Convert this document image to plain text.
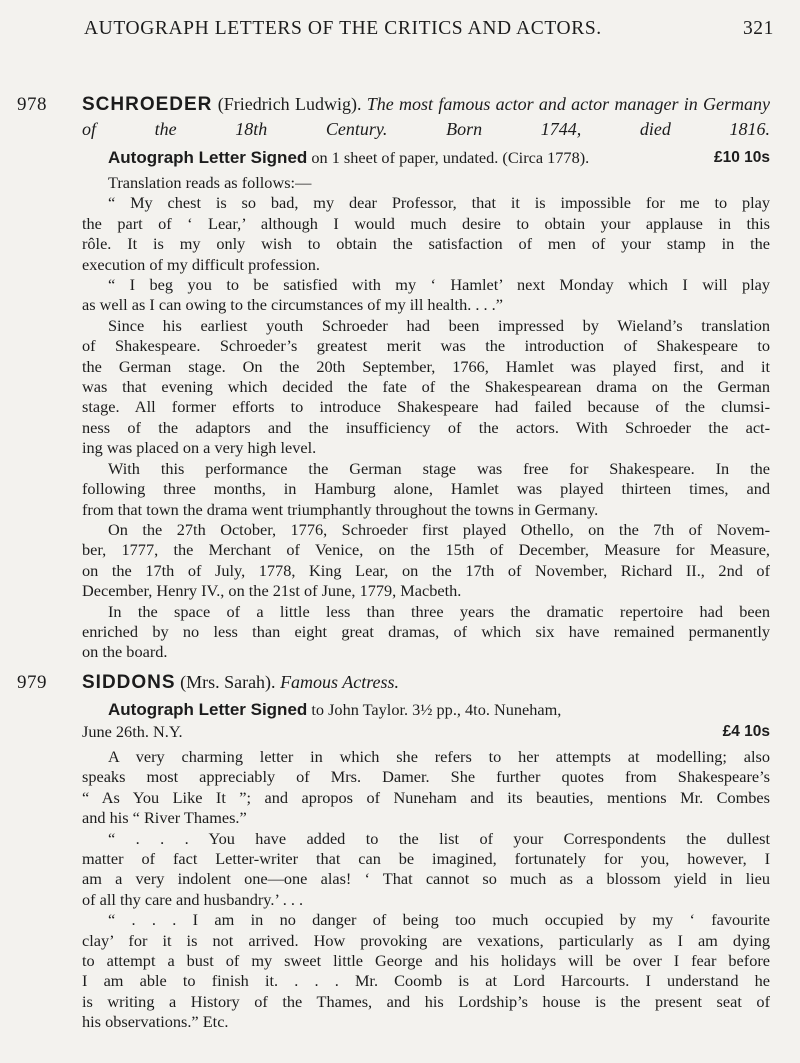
AUTOGRAPH LETTERS OF THE CRITICS AND ACTORS.	321
978 SCHROEDER (Friedrich Ludwig). The most famous actor and actor manager in Germany of the 18th Century. Born 1744, died 1816.
Autograph Letter Signed on 1 sheet of paper, undated. (Circa 1778).	£10 10s
Translation reads as follows:—
“ My chest is so bad, my dear Professor, that it is impossible for me to play
the part of ‘ Lear,’ although I would much desire to obtain your applause in this
rôle. It is my only wish to obtain the satisfaction of men of your stamp in the
execution of my difficult profession.
“ I beg you to be satisfied with my ‘ Hamlet’ next Monday which I will play
as well as I can owing to the circumstances of my ill health. . . .”
Since his earliest youth Schroeder had been impressed by Wieland’s translation
of Shakespeare. Schroeder’s greatest merit was the introduction of Shakespeare to
the German stage. On the 20th September, 1766, Hamlet was played first, and it
was that evening which decided the fate of the Shakespearean drama on the German
stage. All former efforts to introduce Shakespeare had failed because of the clumsi-
ness of the adaptors and the insufficiency of the actors. With Schroeder the act-
ing was placed on a very high level.
With this performance the German stage was free for Shakespeare. In the
following three months, in Hamburg alone, Hamlet was played thirteen times, and
from that town the drama went triumphantly throughout the towns in Germany.
On the 27th October, 1776, Schroeder first played Othello, on the 7th of Novem-
ber, 1777, the Merchant of Venice, on the 15th of December, Measure for Measure,
on the 17th of July, 1778, King Lear, on the 17th of November, Richard II., 2nd of
December, Henry IV., on the 21st of June, 1779, Macbeth.
In the space of a little less than three years the dramatic repertoire had been
enriched by no less than eight great dramas, of which six have remained permanently
on the board.
979 SIDDONS (Mrs. Sarah). Famous Actress.
Autograph Letter Signed to John Taylor. 3½ pp., 4to. Nuneham,
June 26th. N.Y.	£4 10s
A very charming letter in which she refers to her attempts at modelling; also
speaks most appreciably of Mrs. Damer. She further quotes from Shakespeare’s
“ As You Like It ”; and apropos of Nuneham and its beauties, mentions Mr. Combes
and his “ River Thames.”
“ . . . You have added to the list of your Correspondents the dullest
matter of fact Letter-writer that can be imagined, fortunately for you, however, I
am a very indolent one—one alas! ‘ That cannot so much as a blossom yield in lieu
of all thy care and husbandry.’ . . .
“ . . . I am in no danger of being too much occupied by my ‘ favourite
clay’ for it is not arrived. How provoking are vexations, particularly as I am dying
to attempt a bust of my sweet little George and his holidays will be over I fear before
I am able to finish it. . . . Mr. Coomb is at Lord Harcourts. I understand he
is writing a History of the Thames, and his Lordship’s house is the present seat of
his observations.” Etc.
